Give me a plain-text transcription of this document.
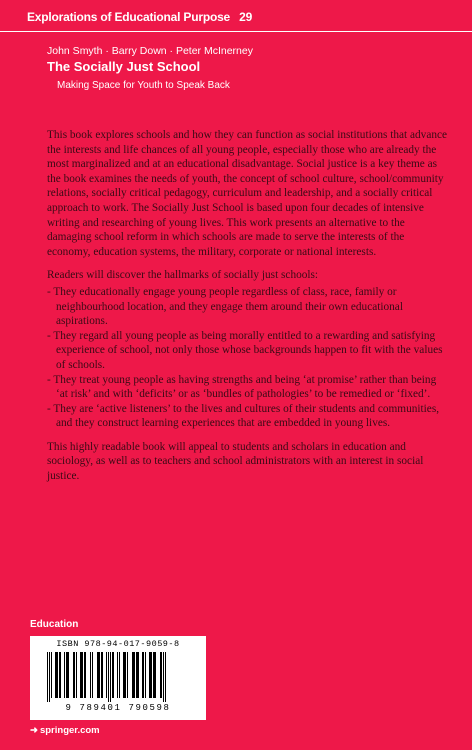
Explorations of Educational Purpose 29
John Smyth · Barry Down · Peter McInerney
The Socially Just School
Making Space for Youth to Speak Back

This book explores schools and how they can function as social institutions that advance the interests and life chances of all young people, especially those who are already the most marginalized and at an educational disadvantage. Social justice is a key theme as the book examines the needs of youth, the concept of school culture, school/community relations, socially critical pedagogy, curriculum and leadership, and a socially critical approach to work. The Socially Just School is based upon four decades of intensive writing and researching of young lives. This work presents an alternative to the damaging school reform in which schools are made to serve the interests of the economy, education systems, the military, corporate or national interests.

Readers will discover the hallmarks of socially just schools:

- They educationally engage young people regardless of class, race, family or neighbourhood location, and they engage them around their own educational aspirations.
- They regard all young people as being morally entitled to a rewarding and satisfying experience of school, not only those whose backgrounds happen to fit with the values of schools.
- They treat young people as having strengths and being ‘at promise’ rather than being ‘at risk’ and with ‘deficits’ or as ‘bundles of pathologies’ to be remedied or ‘fixed’.
- They are ‘active listeners’ to the lives and cultures of their students and communities, and they construct learning experiences that are embedded in young lives.

This highly readable book will appeal to students and scholars in education and sociology, as well as to teachers and school administrators with an interest in social justice.

Education
ISBN 978-94-017-9059-8
9 789401 790598
➜ springer.com
